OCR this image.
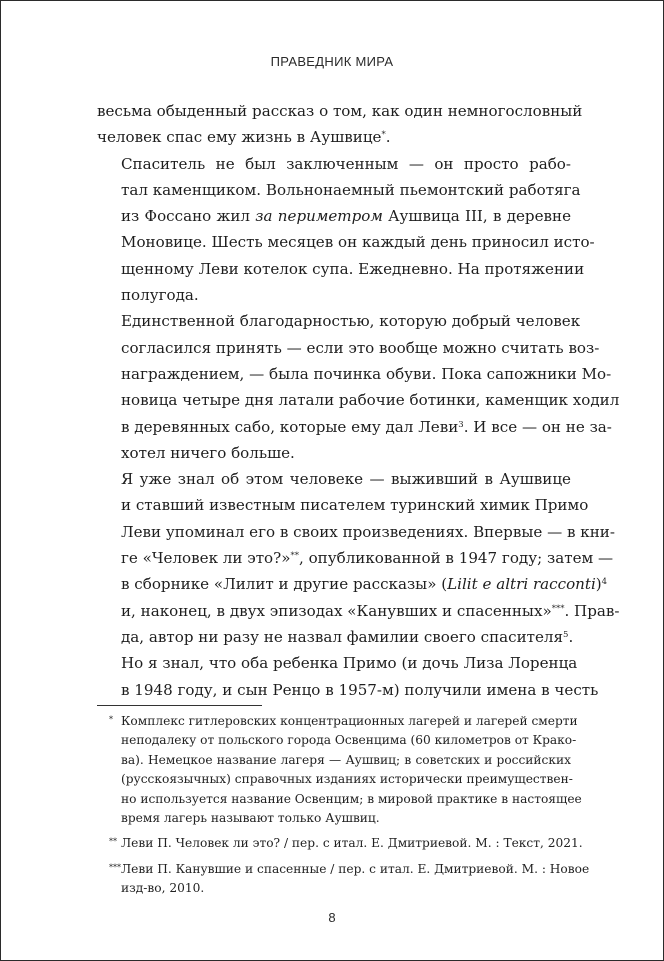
ПРАВЕДНИК МИРА

весьма обыденный рассказ о том, как один немногословный
человек спас ему жизнь в Аушвице*.

Спаситель не был заключенным — он просто рабо-
тал каменщиком. Вольнонаемный пьемонтский работяга
из Фоссано жил за периметром Аушвица III, в деревне
Моновице. Шесть месяцев он каждый день приносил исто-
щенному Леви котелок супа. Ежедневно. На протяжении
полугода.

Единственной благодарностью, которую добрый человек
согласился принять — если это вообще можно считать воз-
награждением, — была починка обуви. Пока сапожники Мо-
новица четыре дня латали рабочие ботинки, каменщик ходил
в деревянных сабо, которые ему дал Леви$^3$. И все — он не за-
хотел ничего больше.

Я уже знал об этом человеке — выживший в Аушвице
и ставший известным писателем туринский химик Примо
Леви упоминал его в своих произведениях. Впервые — в кни-
ге «Человек ли это?»**, опубликованной в 1947 году; затем —
в сборнике «Лилит и другие рассказы» (Lilit e altri racconti)$^4$
и, наконец, в двух эпизодах «Канувших и спасенных»***. Прав-
да, автор ни разу не назвал фамилии своего спасителя$^5$.
Но я знал, что оба ребенка Примо (и дочь Лиза Лоренца
в 1948 году, и сын Ренцо в 1957-м) получили имена в честь

* Комплекс гитлеровских концентрационных лагерей и лагерей смерти
неподалеку от польского города Освенцима (60 километров от Крако-
ва). Немецкое название лагеря — Аушвиц; в советских и российских
(русскоязычных) справочных изданиях исторически преимуществен-
но используется название Освенцим; в мировой практике в настоящее
время лагерь называют только Аушвиц.
** Леви П. Человек ли это? / пер. с итал. Е. Дмитриевой. М. : Текст, 2021.
*** Леви П. Канувшие и спасенные / пер. с итал. Е. Дмитриевой. М. : Новое
изд-во, 2010.
8
